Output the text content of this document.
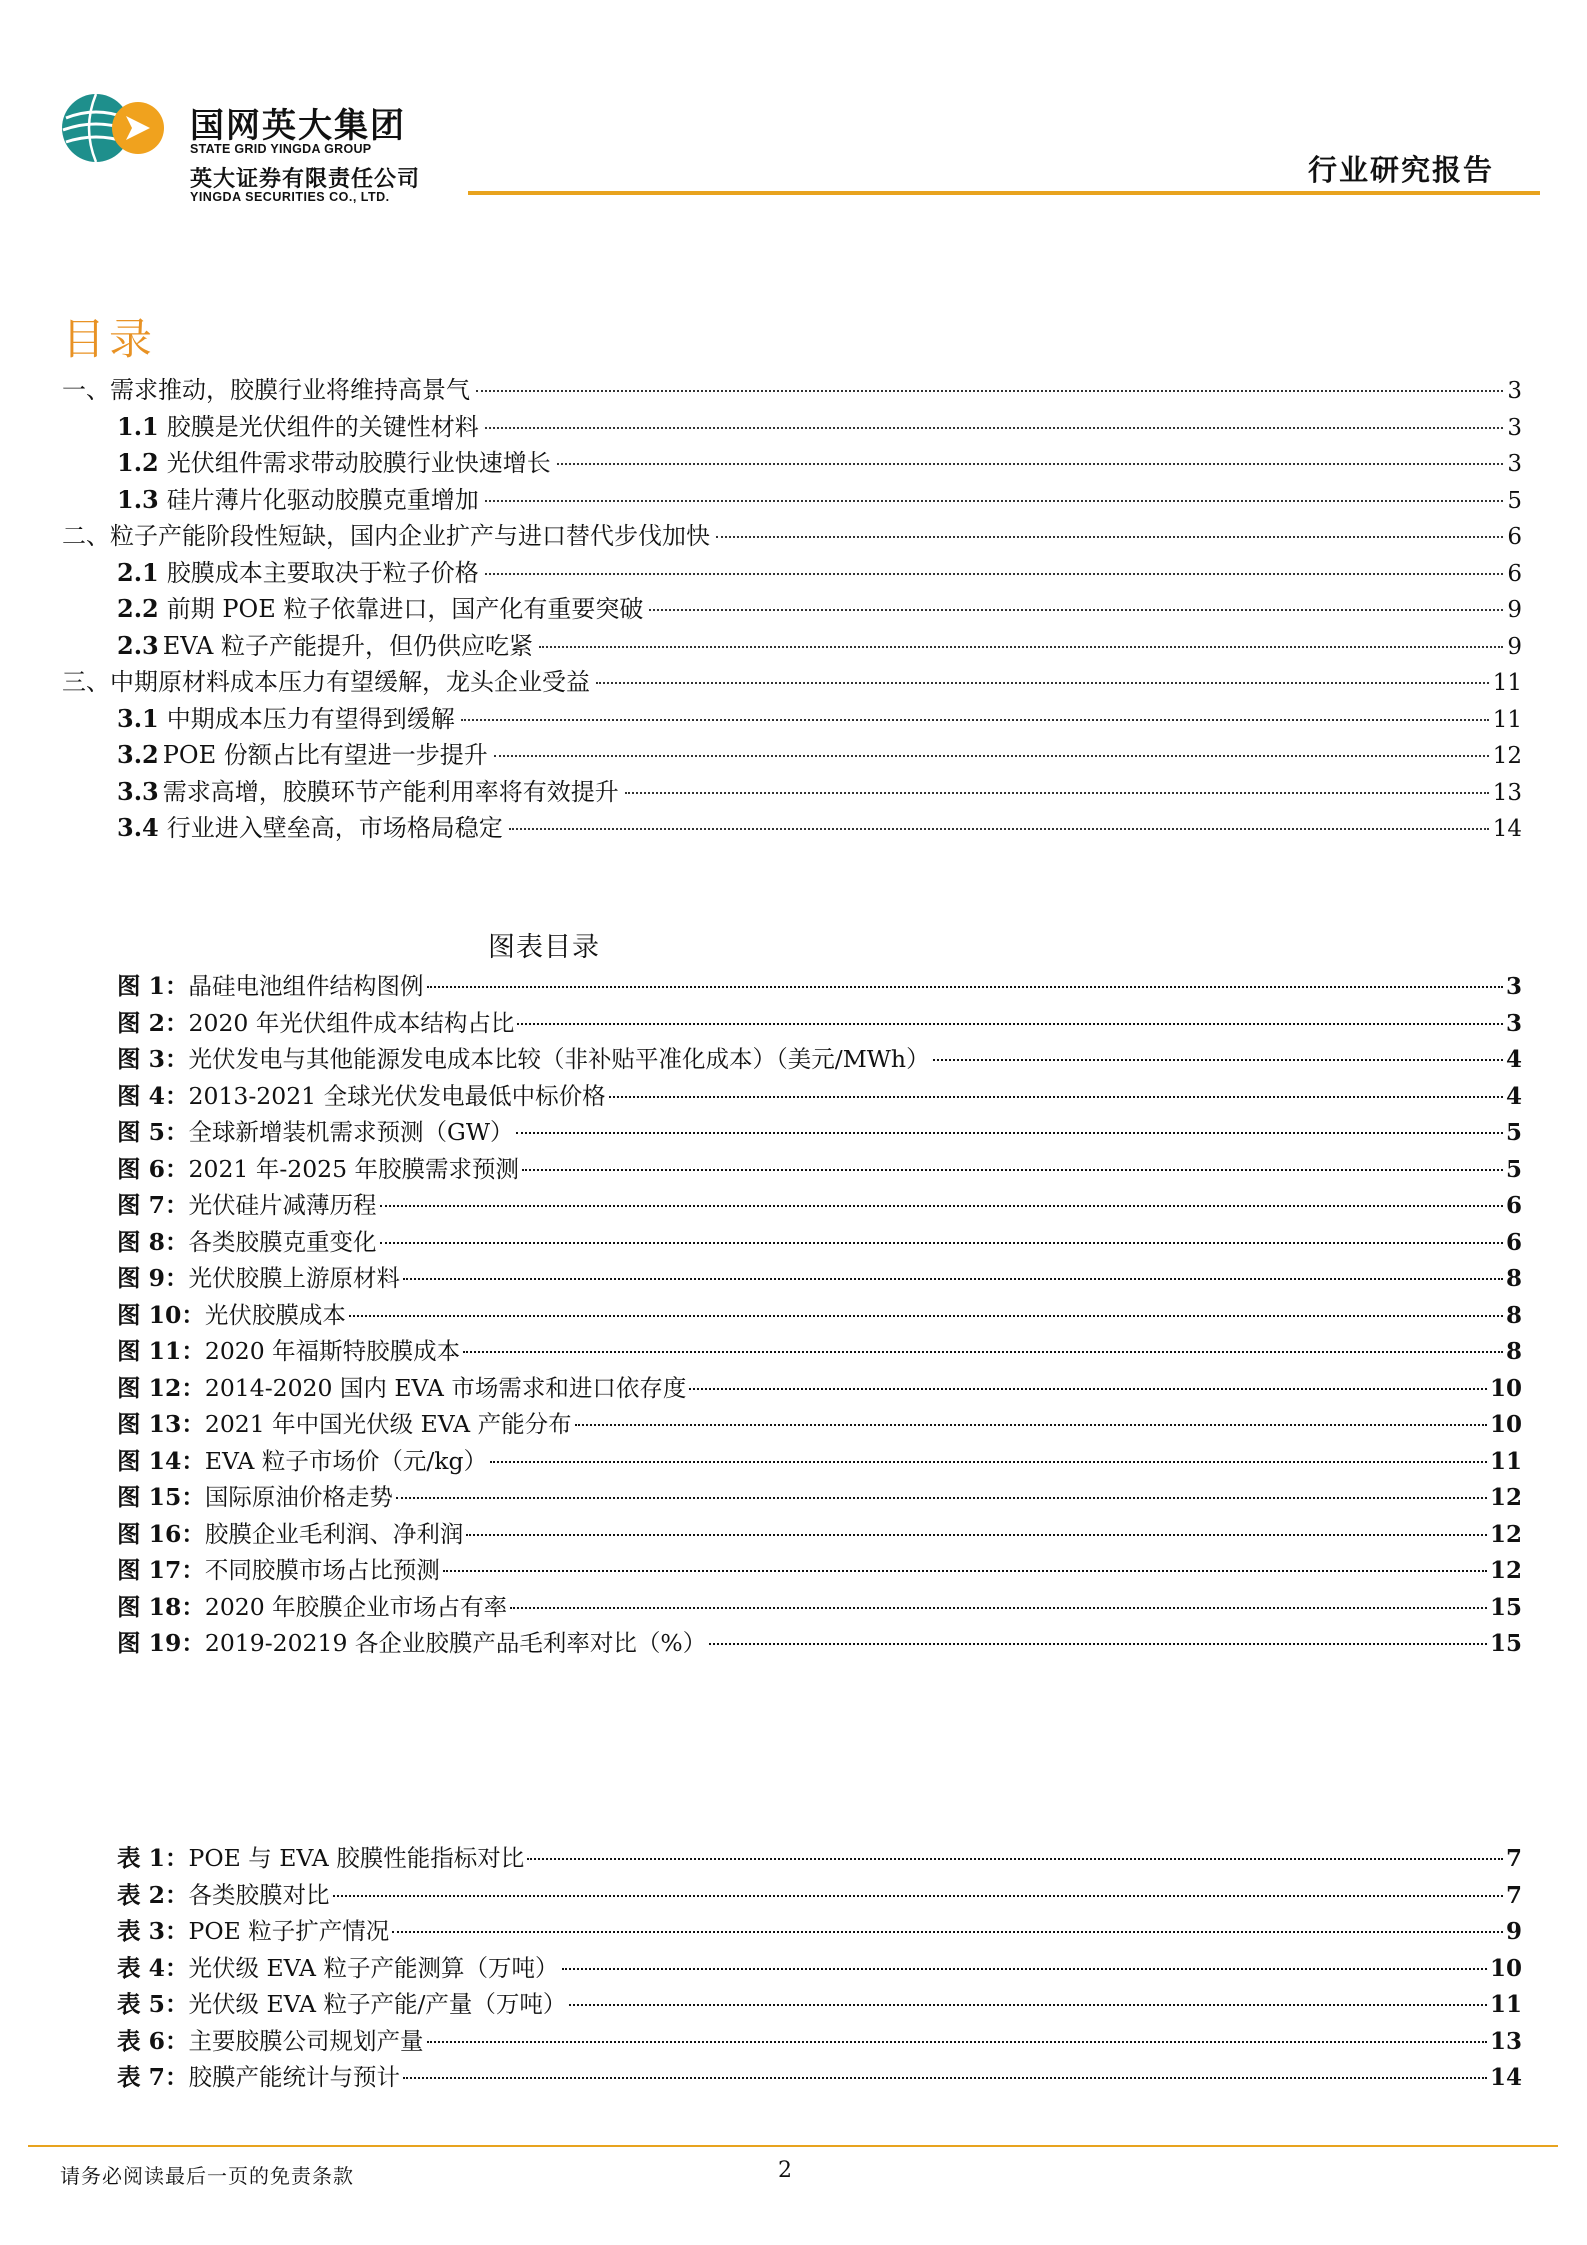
国网英大集团
STATE GRID YINGDA GROUP
英大证券有限责任公司
YINGDA SECURITIES CO., LTD.
行业研究报告
目录
一、需求推动，胶膜行业将维持高景气	3
1.1 胶膜是光伏组件的关键性材料	3
1.2 光伏组件需求带动胶膜行业快速增长	3
1.3 硅片薄片化驱动胶膜克重增加	5
二、粒子产能阶段性短缺，国内企业扩产与进口替代步伐加快	6
2.1 胶膜成本主要取决于粒子价格	6
2.2 前期 POE 粒子依靠进口，国产化有重要突破	9
2.3 EVA 粒子产能提升，但仍供应吃紧	9
三、中期原材料成本压力有望缓解，龙头企业受益	11
3.1 中期成本压力有望得到缓解	11
3.2 POE 份额占比有望进一步提升	12
3.3 需求高增，胶膜环节产能利用率将有效提升	13
3.4 行业进入壁垒高，市场格局稳定	14
图表目录
图 1： 晶硅电池组件结构图例	3
图 2： 2020 年光伏组件成本结构占比	3
图 3： 光伏发电与其他能源发电成本比较（非补贴平准化成本）（美元/MWh）	4
图 4： 2013-2021 全球光伏发电最低中标价格	4
图 5： 全球新增装机需求预测（GW）	5
图 6： 2021 年-2025 年胶膜需求预测	5
图 7： 光伏硅片减薄历程	6
图 8： 各类胶膜克重变化	6
图 9： 光伏胶膜上游原材料	8
图 10： 光伏胶膜成本	8
图 11： 2020 年福斯特胶膜成本	8
图 12： 2014-2020 国内 EVA 市场需求和进口依存度	10
图 13： 2021 年中国光伏级 EVA 产能分布	10
图 14： EVA 粒子市场价（元/kg）	11
图 15： 国际原油价格走势	12
图 16： 胶膜企业毛利润、净利润	12
图 17： 不同胶膜市场占比预测	12
图 18： 2020 年胶膜企业市场占有率	15
图 19： 2019-20219 各企业胶膜产品毛利率对比（%）	15
表 1： POE 与 EVA 胶膜性能指标对比	7
表 2： 各类胶膜对比	7
表 3： POE 粒子扩产情况	9
表 4： 光伏级 EVA 粒子产能测算（万吨）	10
表 5： 光伏级 EVA 粒子产能/产量（万吨）	11
表 6： 主要胶膜公司规划产量	13
表 7： 胶膜产能统计与预计	14
请务必阅读最后一页的免责条款	2
